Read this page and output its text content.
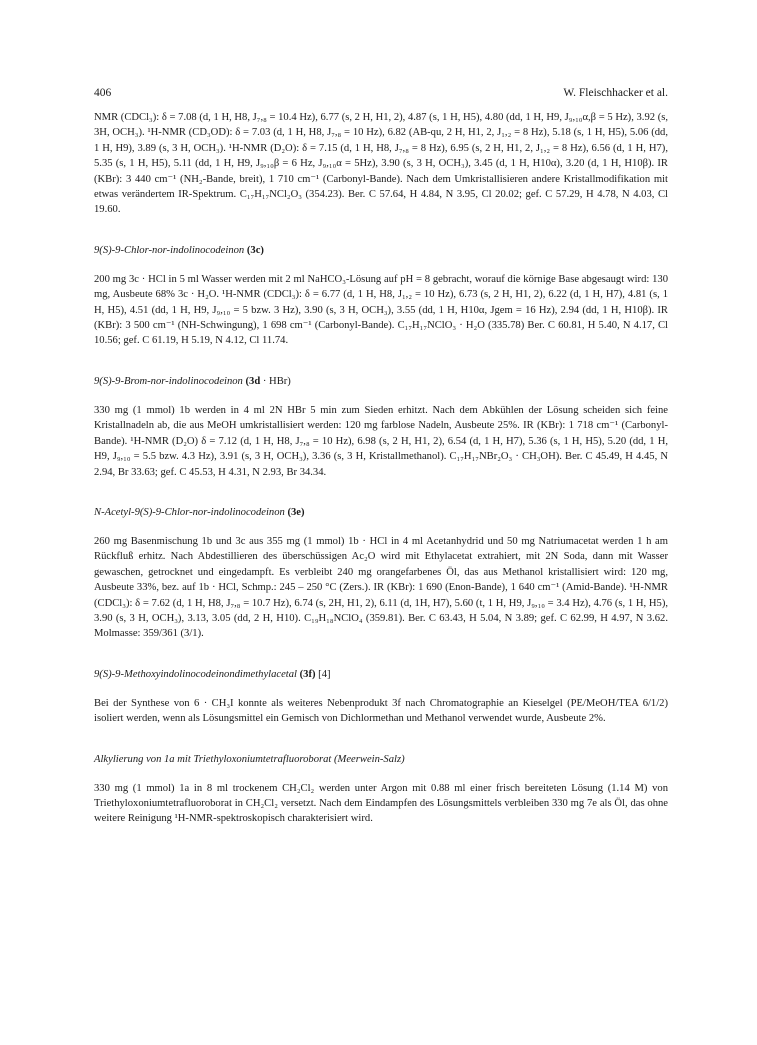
406	W. Fleischhacker et al.

NMR (CDCl₃): δ = 7.08 (d, 1 H, H8, J₇,₈ = 10.4 Hz), 6.77 (s, 2 H, H1, 2), 4.87 (s, 1 H, H5), 4.80 (dd, 1 H, H9, J₉,₁₀α,β = 5 Hz), 3.92 (s, 3H, OCH₃). ¹H-NMR (CD₃OD): δ = 7.03 (d, 1 H, H8, J₇,₈ = 10 Hz), 6.82 (AB-qu, 2 H, H1, 2, J₁,₂ = 8 Hz), 5.18 (s, 1 H, H5), 5.06 (dd, 1 H, H9), 3.89 (s, 3 H, OCH₃). ¹H-NMR (D₂O): δ = 7.15 (d, 1 H, H8, J₇,₈ = 8 Hz), 6.95 (s, 2 H, H1, 2, J₁,₂ = 8 Hz), 6.56 (d, 1 H, H7), 5.35 (s, 1 H, H5), 5.11 (dd, 1 H, H9, J₉,₁₀β = 6 Hz, J₉,₁₀α = 5Hz), 3.90 (s, 3 H, OCH₃), 3.45 (d, 1 H, H10α), 3.20 (d, 1 H, H10β). IR (KBr): 3 440 cm⁻¹ (NH₂-Bande, breit), 1 710 cm⁻¹ (Carbonyl-Bande). Nach dem Umkristallisieren andere Kristallmodifikation mit etwas verändertem IR-Spektrum. C₁₇H₁₇NCl₂O₃ (354.23). Ber. C 57.64, H 4.84, N 3.95, Cl 20.02; gef. C 57.29, H 4.78, N 4.03, Cl 19.60.

9(S)-9-Chlor-nor-indolinocodeinon (3c)

200 mg 3c · HCl in 5 ml Wasser werden mit 2 ml NaHCO₃-Lösung auf pH = 8 gebracht, worauf die körnige Base abgesaugt wird: 130 mg, Ausbeute 68% 3c · H₂O. ¹H-NMR (CDCl₃): δ = 6.77 (d, 1 H, H8, J₁,₂ = 10 Hz), 6.73 (s, 2 H, H1, 2), 6.22 (d, 1 H, H7), 4.81 (s, 1 H, H5), 4.51 (dd, 1 H, H9, J₉,₁₀ = 5 bzw. 3 Hz), 3.90 (s, 3 H, OCH₃), 3.55 (dd, 1 H, H10α, Jgem = 16 Hz), 2.94 (dd, 1 H, H10β). IR (KBr): 3 500 cm⁻¹ (NH-Schwingung), 1 698 cm⁻¹ (Carbonyl-Bande). C₁₇H₁₇NClO₃ · H₂O (335.78) Ber. C 60.81, H 5.40, N 4.17, Cl 10.56; gef. C 61.19, H 5.19, N 4.12, Cl 11.74.

9(S)-9-Brom-nor-indolinocodeinon (3d · HBr)

330 mg (1 mmol) 1b werden in 4 ml 2N HBr 5 min zum Sieden erhitzt. Nach dem Abkühlen der Lösung scheiden sich feine Kristallnadeln ab, die aus MeOH umkristallisiert werden: 120 mg farblose Nadeln, Ausbeute 25%. IR (KBr): 1 718 cm⁻¹ (Carbonyl-Bande). ¹H-NMR (D₂O) δ = 7.12 (d, 1 H, H8, J₇,₈ = 10 Hz), 6.98 (s, 2 H, H1, 2), 6.54 (d, 1 H, H7), 5.36 (s, 1 H, H5), 5.20 (dd, 1 H, H9, J₉,₁₀ = 5.5 bzw. 4.3 Hz), 3.91 (s, 3 H, OCH₃), 3.36 (s, 3 H, Kristallmethanol). C₁₇H₁₇NBr₂O₃ · CH₃OH). Ber. C 45.49, H 4.45, N 2.94, Br 33.63; gef. C 45.53, H 4.31, N 2.93, Br 34.34.

N-Acetyl-9(S)-9-Chlor-nor-indolinocodeinon (3e)

260 mg Basenmischung 1b und 3c aus 355 mg (1 mmol) 1b · HCl in 4 ml Acetanhydrid und 50 mg Natriumacetat werden 1 h am Rückfluß erhitz. Nach Abdestillieren des überschüssigen Ac₂O wird mit Ethylacetat extrahiert, mit 2N Soda, dann mit Wasser gewaschen, getrocknet und eingedampft. Es verbleibt 240 mg orangefarbenes Öl, das aus Methanol kristallisiert wird: 120 mg, Ausbeute 33%, bez. auf 1b · HCl, Schmp.: 245 – 250 °C (Zers.). IR (KBr): 1 690 (Enon-Bande), 1 640 cm⁻¹ (Amid-Bande). ¹H-NMR (CDCl₃): δ = 7.62 (d, 1 H, H8, J₇,₈ = 10.7 Hz), 6.74 (s, 2H, H1, 2), 6.11 (d, 1H, H7), 5.60 (t, 1 H, H9, J₉,₁₀ = 3.4 Hz), 4.76 (s, 1 H, H5), 3.90 (s, 3 H, OCH₃), 3.13, 3.05 (dd, 2 H, H10). C₁₉H₁₈NClO₄ (359.81). Ber. C 63.43, H 5.04, N 3.89; gef. C 62.99, H 4.97, N 3.62. Molmasse: 359/361 (3/1).

9(S)-9-Methoxyindolinocodeinondimethylacetal (3f) [4]

Bei der Synthese von 6 · CH₃I konnte als weiteres Nebenprodukt 3f nach Chromatographie an Kieselgel (PE/MeOH/TEA 6/1/2) isoliert werden, wenn als Lösungsmittel ein Gemisch von Dichlormethan und Methanol verwendet wurde, Ausbeute 2%.

Alkylierung von 1a mit Triethyloxoniumtetrafluoroborat (Meerwein-Salz)

330 mg (1 mmol) 1a in 8 ml trockenem CH₂Cl₂ werden unter Argon mit 0.88 ml einer frisch bereiteten Lösung (1.14 M) von Triethyloxoniumtetrafluoroborat in CH₂Cl₂ versetzt. Nach dem Eindampfen des Lösungsmittels verbleiben 330 mg 7e als Öl, das ohne weitere Reinigung ¹H-NMR-spektroskopisch charakterisiert wird.
